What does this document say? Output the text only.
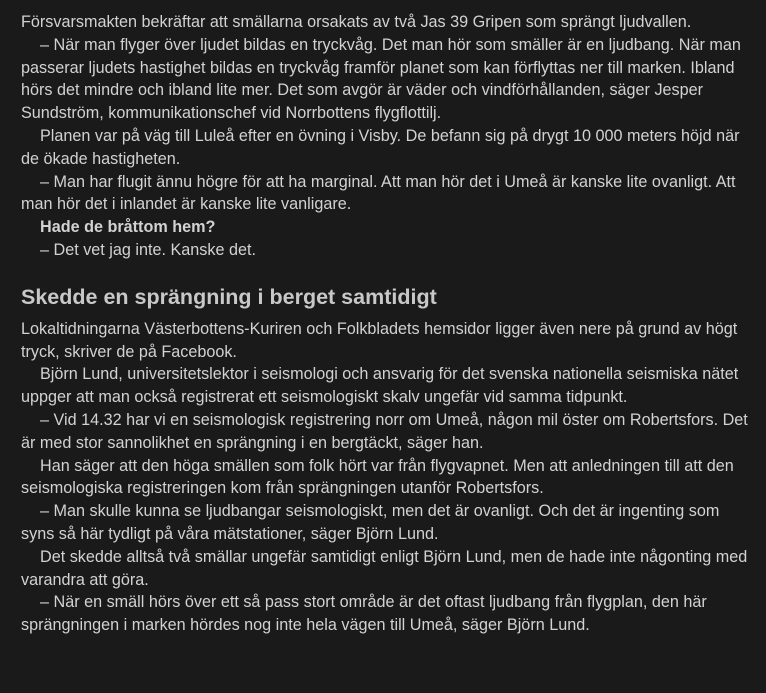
Försvarsmakten bekräftar att smällarna orsakats av två Jas 39 Gripen som sprängt ljudvallen.

– När man flyger över ljudet bildas en tryckvåg. Det man hör som smäller är en ljudbang. När man passerar ljudets hastighet bildas en tryckvåg framför planet som kan förflyttas ner till marken. Ibland hörs det mindre och ibland lite mer. Det som avgör är väder och vindförhållanden, säger Jesper Sundström, kommunikationschef vid Norrbottens flygflottilj.

Planen var på väg till Luleå efter en övning i Visby. De befann sig på drygt 10 000 meters höjd när de ökade hastigheten.

– Man har flugit ännu högre för att ha marginal. Att man hör det i Umeå är kanske lite ovanligt. Att man hör det i inlandet är kanske lite vanligare.

Hade de bråttom hem?

– Det vet jag inte. Kanske det.

Skedde en sprängning i berget samtidigt

Lokaltidningarna Västerbottens-Kuriren och Folkbladets hemsidor ligger även nere på grund av högt tryck, skriver de på Facebook.

Björn Lund, universitetslektor i seismologi och ansvarig för det svenska nationella seismiska nätet uppger att man också registrerat ett seismologiskt skalv ungefär vid samma tidpunkt.

– Vid 14.32 har vi en seismologisk registrering norr om Umeå, någon mil öster om Robertsfors. Det är med stor sannolikhet en sprängning i en bergtäckt, säger han.

Han säger att den höga smällen som folk hört var från flygvapnet. Men att anledningen till att den seismologiska registreringen kom från sprängningen utanför Robertsfors.

– Man skulle kunna se ljudbangar seismologiskt, men det är ovanligt. Och det är ingenting som syns så här tydligt på våra mätstationer, säger Björn Lund.

Det skedde alltså två smällar ungefär samtidigt enligt Björn Lund, men de hade inte någonting med varandra att göra.

– När en smäll hörs över ett så pass stort område är det oftast ljudbang från flygplan, den här sprängningen i marken hördes nog inte hela vägen till Umeå, säger Björn Lund.
